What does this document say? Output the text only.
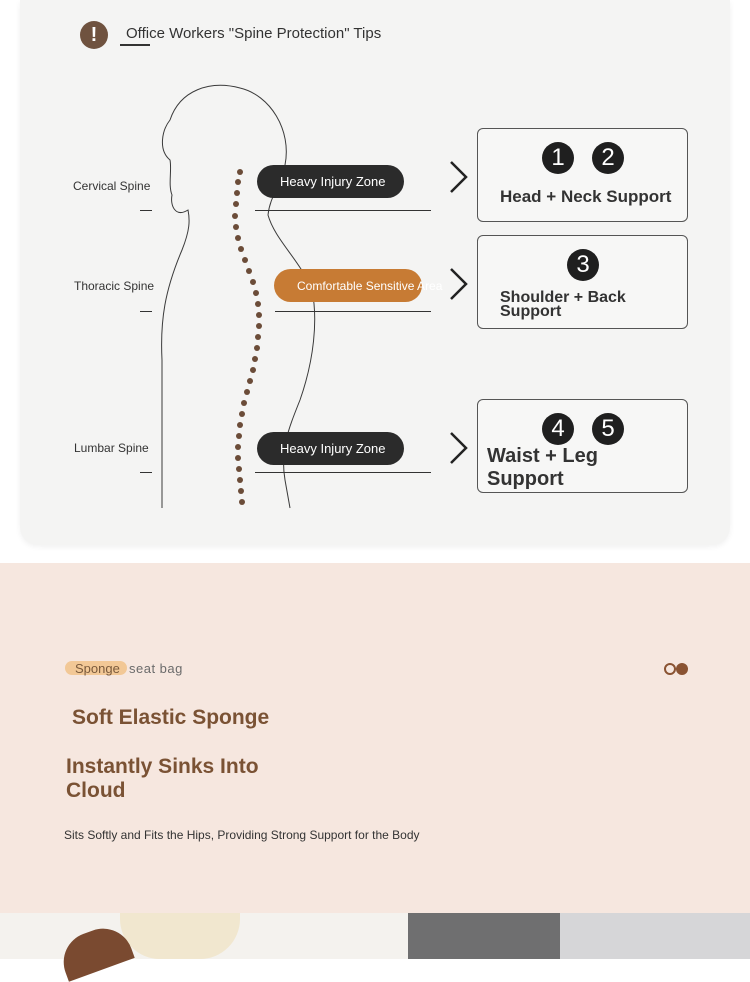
!	Office Workers "Spine Protection" Tips
Cervical Spine
Thoracic Spine
Lumbar Spine
Heavy Injury Zone
Comfortable Sensitive Area
Heavy Injury Zone
1	2
Head + Neck Support
3
Shoulder + Back Support
4	5
Waist + Leg Support
Sponge seat bag
Soft Elastic Sponge
Instantly Sinks Into Cloud
Sits Softly and Fits the Hips, Providing Strong Support for the Body
